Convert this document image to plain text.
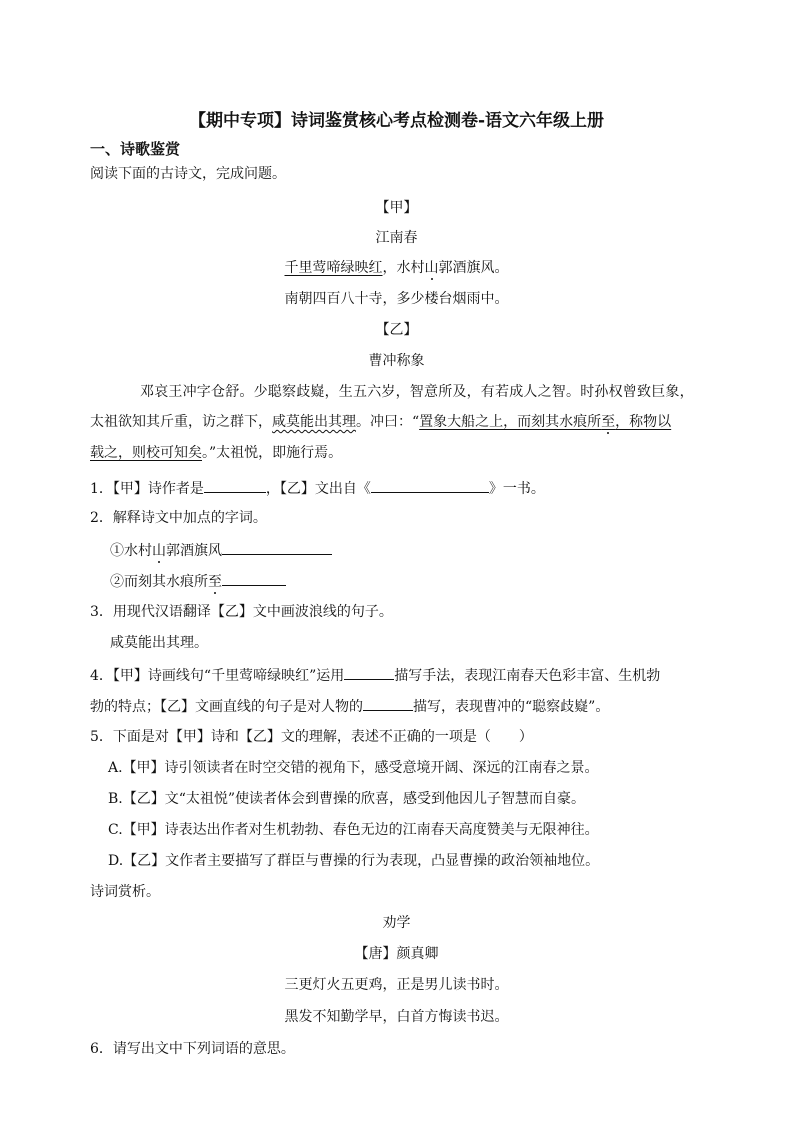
【期中专项】诗词鉴赏核心考点检测卷-语文六年级上册
一、诗歌鉴赏
阅读下面的古诗文，完成问题。
【甲】
江南春
千里莺啼绿映红，水村山郭酒旗风。
南朝四百八十寺，多少楼台烟雨中。
【乙】
曹冲称象
邓哀王冲字仓舒。少聪察歧嶷，生五六岁，智意所及，有若成人之智。时孙权曾致巨象，
太祖欲知其斤重，访之群下，咸莫能出其理。冲曰：“置象大船之上，而刻其水痕所至，称物以
载之，则校可知矣。”太祖悦，即施行焉。
1．【甲】诗作者是	，【乙】文出自《	》一书。
2．解释诗文中加点的字词。
①水村山郭酒旗风
②而刻其水痕所至
3．用现代汉语翻译【乙】文中画波浪线的句子。
咸莫能出其理。
4．【甲】诗画线句“千里莺啼绿映红”运用	描写手法，表现江南春天色彩丰富、生机勃
勃的特点；【乙】文画直线的句子是对人物的	描写，表现曹冲的“聪察歧嶷”。
5．下面是对【甲】诗和【乙】文的理解，表述不正确的一项是（　　）
A.【甲】诗引领读者在时空交错的视角下，感受意境开阔、深远的江南春之景。
B.【乙】文“太祖悦”使读者体会到曹操的欣喜，感受到他因儿子智慧而自豪。
C.【甲】诗表达出作者对生机勃勃、春色无边的江南春天高度赞美与无限神往。
D.【乙】文作者主要描写了群臣与曹操的行为表现，凸显曹操的政治领袖地位。
诗词赏析。
劝学
【唐】颜真卿
三更灯火五更鸡，正是男儿读书时。
黑发不知勤学早，白首方悔读书迟。
6．请写出文中下列词语的意思。
